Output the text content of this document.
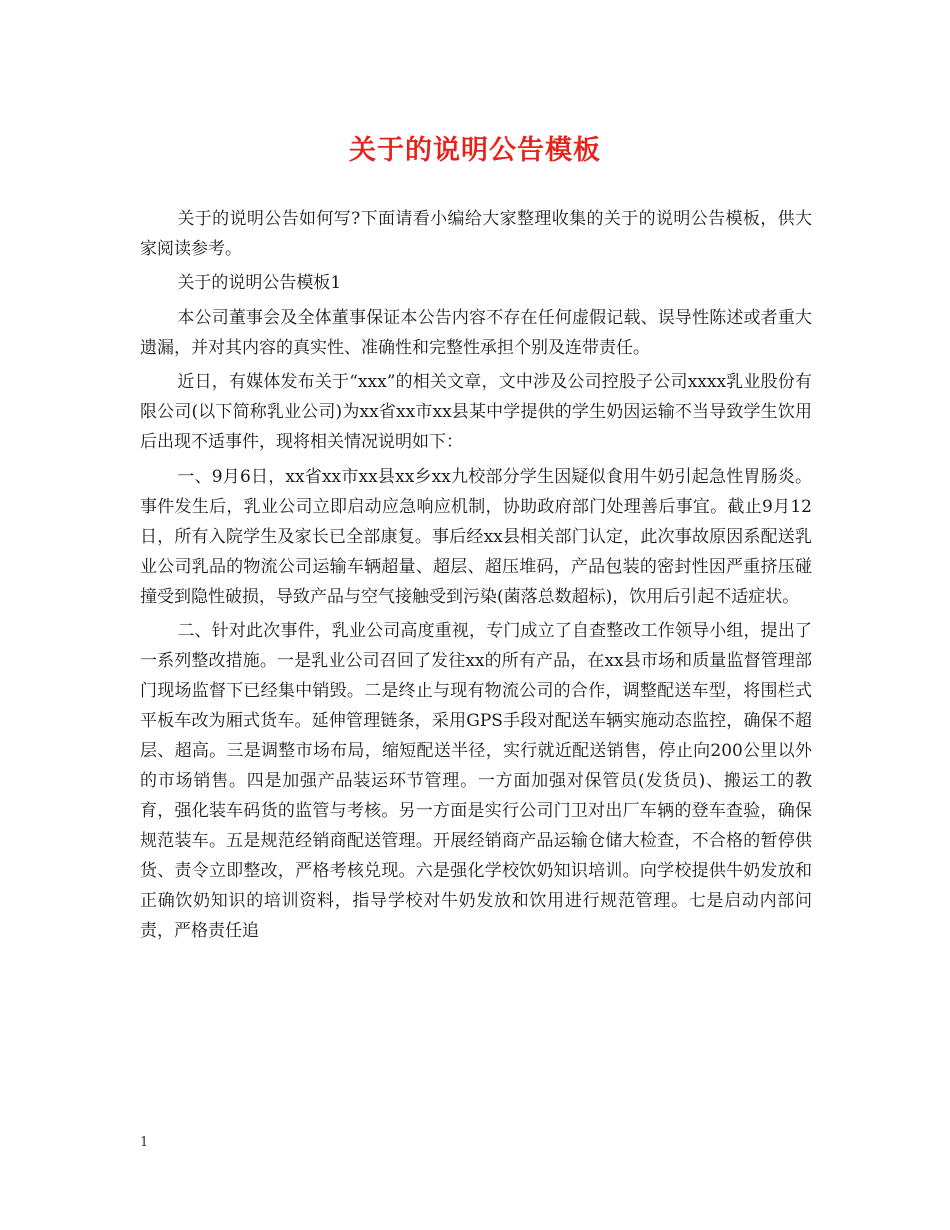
关于的说明公告模板

关于的说明公告如何写?下面请看小编给大家整理收集的关于的说明公告模板，供大家阅读参考。

关于的说明公告模板1

本公司董事会及全体董事保证本公告内容不存在任何虚假记载、误导性陈述或者重大遗漏，并对其内容的真实性、准确性和完整性承担个别及连带责任。

近日，有媒体发布关于“xxx”的相关文章，文中涉及公司控股子公司xxxx乳业股份有限公司(以下简称乳业公司)为xx省xx市xx县某中学提供的学生奶因运输不当导致学生饮用后出现不适事件，现将相关情况说明如下：

一、9月6日，xx省xx市xx县xx乡xx九校部分学生因疑似食用牛奶引起急性胃肠炎。事件发生后，乳业公司立即启动应急响应机制，协助政府部门处理善后事宜。截止9月12日，所有入院学生及家长已全部康复。事后经xx县相关部门认定，此次事故原因系配送乳业公司乳品的物流公司运输车辆超量、超层、超压堆码，产品包装的密封性因严重挤压碰撞受到隐性破损，导致产品与空气接触受到污染(菌落总数超标)，饮用后引起不适症状。

二、针对此次事件，乳业公司高度重视，专门成立了自查整改工作领导小组，提出了一系列整改措施。一是乳业公司召回了发往xx的所有产品，在xx县市场和质量监督管理部门现场监督下已经集中销毁。二是终止与现有物流公司的合作，调整配送车型，将围栏式平板车改为厢式货车。延伸管理链条，采用GPS手段对配送车辆实施动态监控，确保不超层、超高。三是调整市场布局，缩短配送半径，实行就近配送销售，停止向200公里以外的市场销售。四是加强产品装运环节管理。一方面加强对保管员(发货员)、搬运工的教育，强化装车码货的监管与考核。另一方面是实行公司门卫对出厂车辆的登车查验，确保规范装车。五是规范经销商配送管理。开展经销商产品运输仓储大检查，不合格的暂停供货、责令立即整改，严格考核兑现。六是强化学校饮奶知识培训。向学校提供牛奶发放和正确饮奶知识的培训资料，指导学校对牛奶发放和饮用进行规范管理。七是启动内部问责，严格责任追

1
